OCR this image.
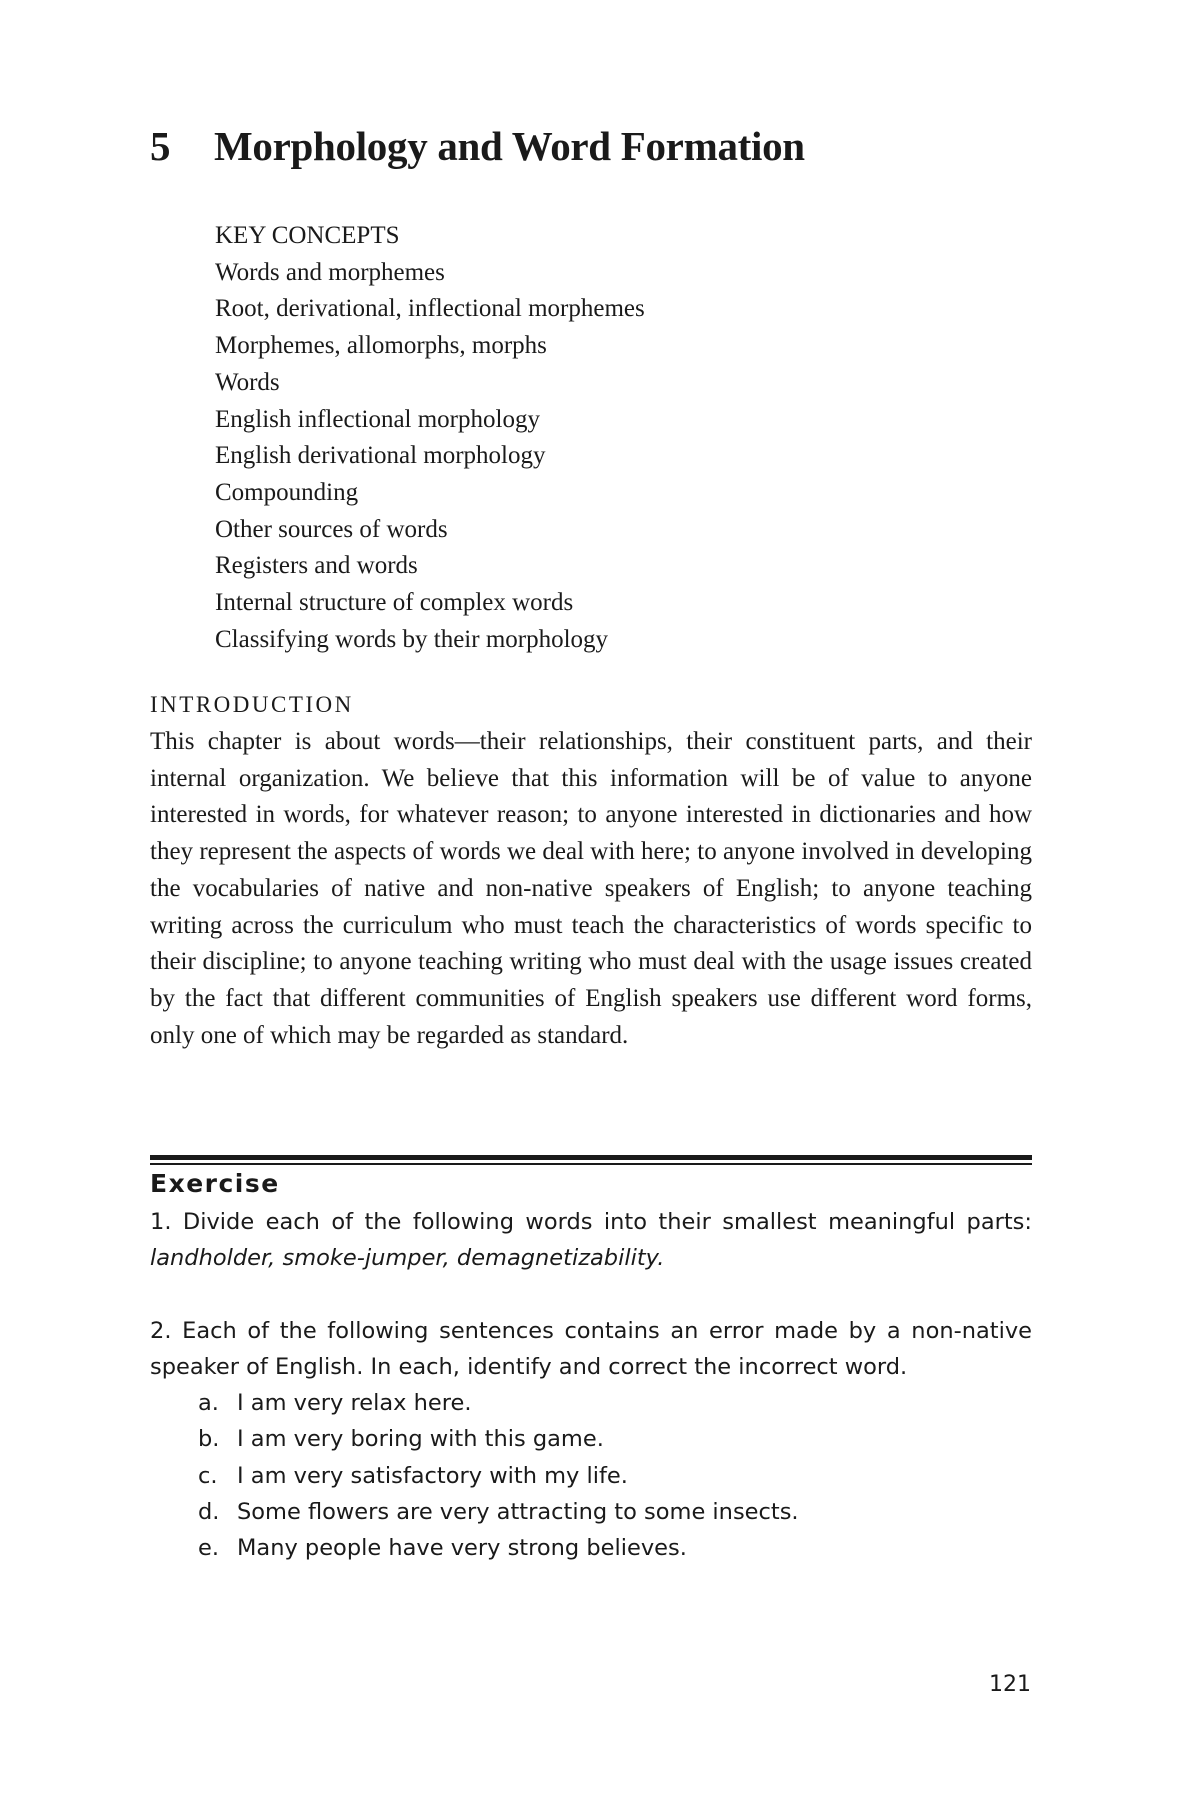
5 Morphology and Word Formation
KEY CONCEPTS
Words and morphemes
Root, derivational, inflectional morphemes
Morphemes, allomorphs, morphs
Words
English inflectional morphology
English derivational morphology
Compounding
Other sources of words
Registers and words
Internal structure of complex words
Classifying words by their morphology
INTRODUCTION

This chapter is about words—their relationships, their constituent parts, and their internal organization. We believe that this information will be of value to anyone interested in words, for whatever reason; to anyone interested in dictionaries and how they represent the aspects of words we deal with here; to anyone involved in developing the vocabularies of native and non-native speakers of English; to anyone teaching writing across the curriculum who must teach the characteristics of words specific to their discipline; to anyone teaching writing who must deal with the usage issues created by the fact that different communities of English speakers use different word forms, only one of which may be regarded as standard.

Exercise

1. Divide each of the following words into their smallest meaningful parts: landholder, smoke-jumper, demagnetizability.

2. Each of the following sentences contains an error made by a non-native speaker of English. In each, identify and correct the incorrect word.

a. I am very relax here.
b. I am very boring with this game.
c. I am very satisfactory with my life.
d. Some flowers are very attracting to some insects.
e. Many people have very strong believes.
121
